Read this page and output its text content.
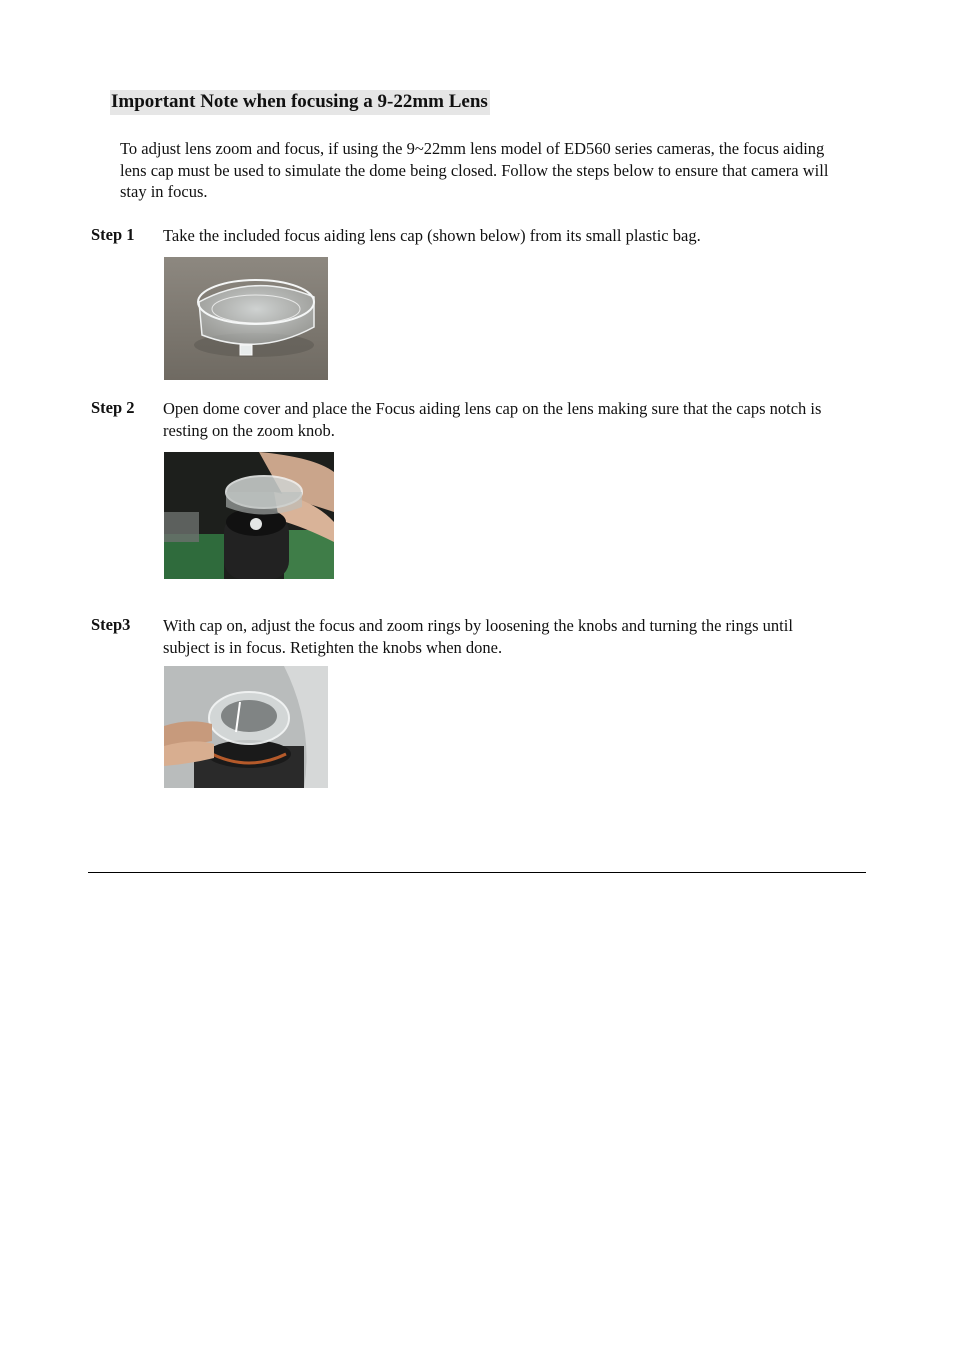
Important Note when focusing a 9-22mm Lens
To adjust lens zoom and focus, if using the 9~22mm lens model of ED560 series cameras, the focus aiding lens cap must be used to simulate the dome being closed. Follow the steps below to ensure that camera will stay in focus.
Step 1 Take the included focus aiding lens cap (shown below) from its small plastic bag.
Step 2 Open dome cover and place the Focus aiding lens cap on the lens making sure that the caps notch is resting on the zoom knob.
Step3 With cap on, adjust the focus and zoom rings by loosening the knobs and turning the rings until subject is in focus. Retighten the knobs when done.
